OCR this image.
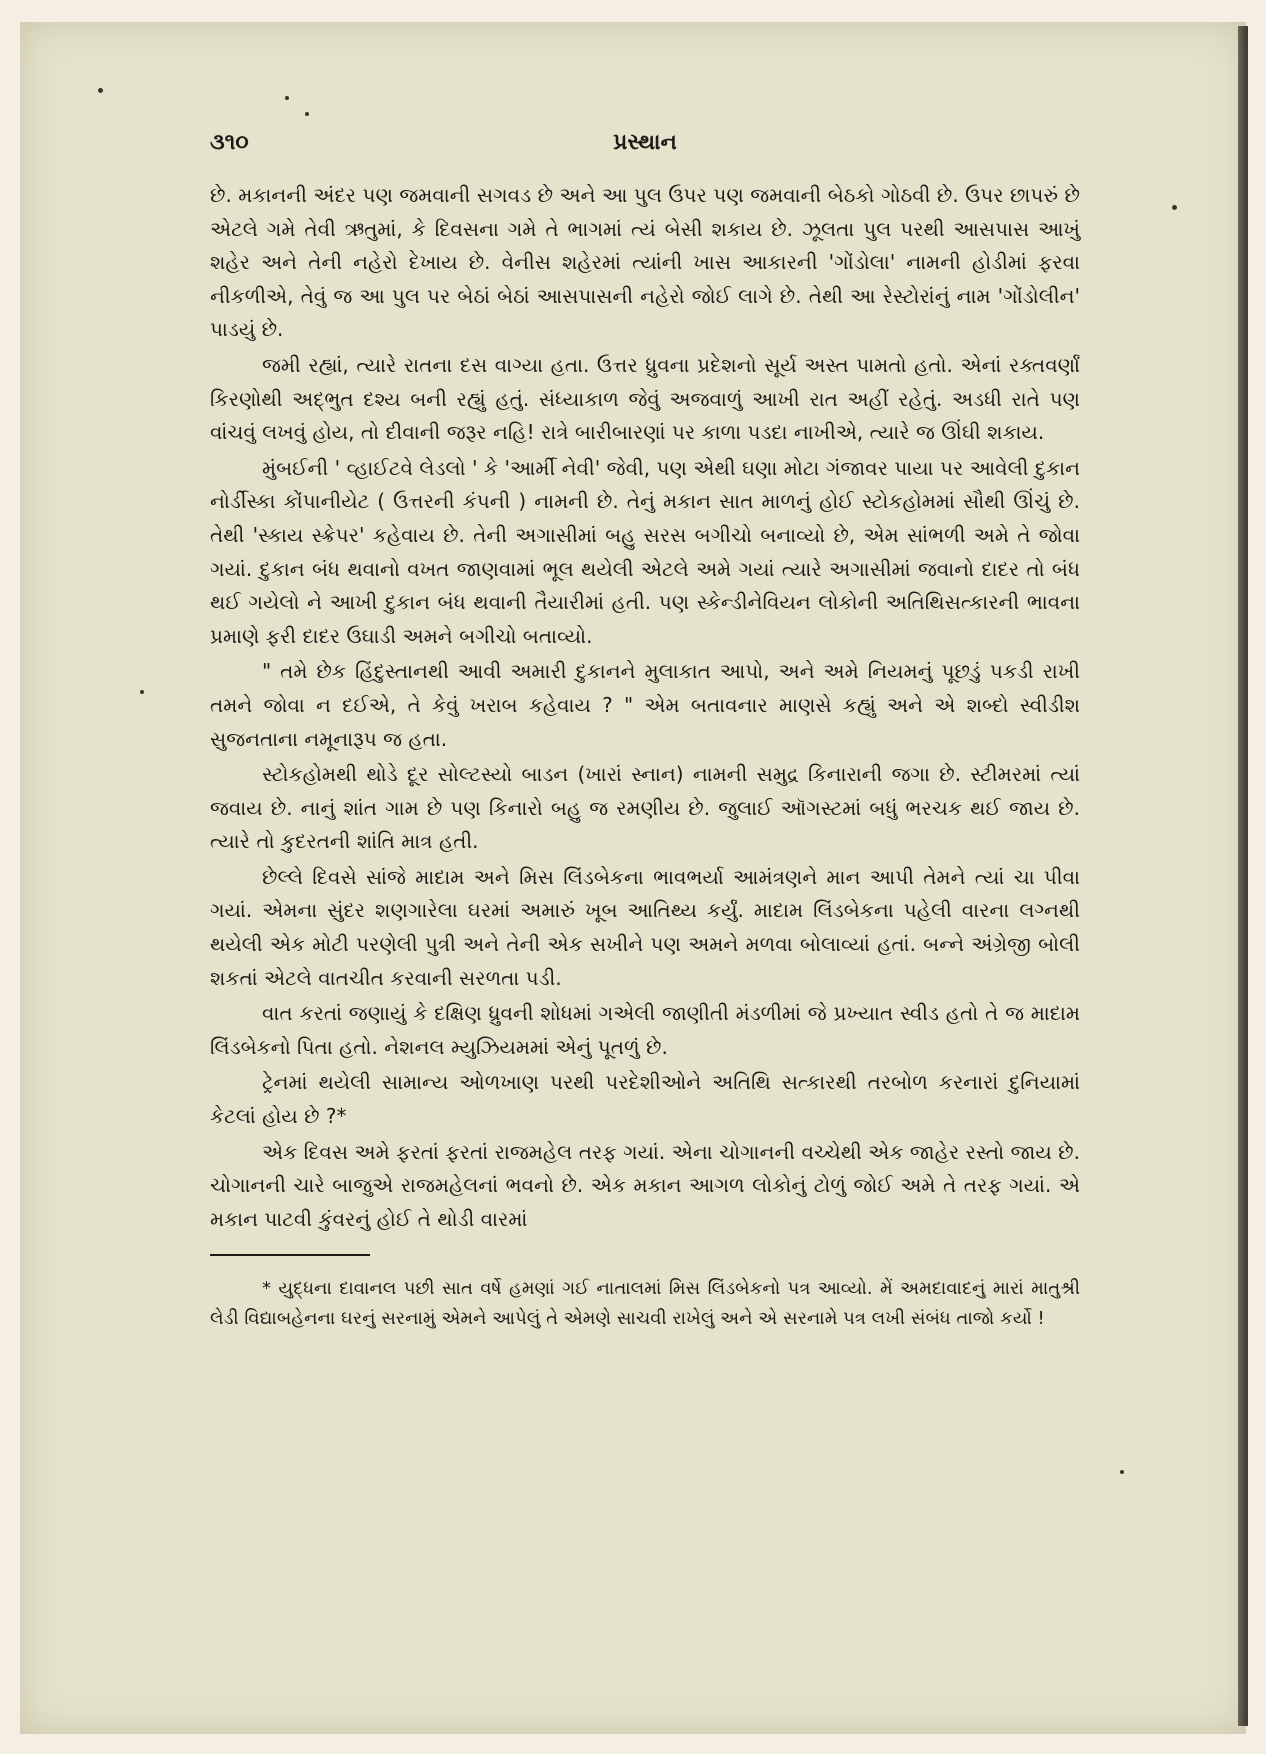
૩૧૦	પ્રસ્થાન

છે. મકાનની અંદર પણ જમવાની સગવડ છે અને આ પુલ ઉપર પણ જમવાની બેઠકો ગોઠવી છે. ઉપર છાપરું છે એટલે ગમે તેવી ઋતુમાં, કે દિવસના ગમે તે ભાગમાં ત્યં બેસી શકાય છે. ઝૂલતા પુલ પરથી આસપાસ આખું શહેર અને તેની નહેરો દેખાય છે. વેનીસ શહેરમાં ત્યાંની ખાસ આકારની 'ગોંડોલા' નામની હોડીમાં ફરવા નીકળીએ, તેવું જ આ પુલ પર બેઠાં બેઠાં આસપાસની નહેરો જોઈ લાગે છે. તેથી આ રેસ્ટોરાંનું નામ 'ગોંડોલીન' પાડયું છે.

જમી રહ્યાં, ત્યારે રાતના દસ વાગ્યા હતા. ઉત્તર ધ્રુવના પ્રદેશનો સૂર્ય અસ્ત પામતો હતો. એનાં રક્તવર્ણાં કિરણોથી અદ્‌ભુત દશ્ય બની રહ્યું હતું. સંધ્યાકાળ જેવું અજવાળું આખી રાત અહીં રહેતું. અડધી રાતે પણ વાંચવું લખવું હોય, તો દીવાની જરૂર નહિ! રાત્રે બારીબારણાં પર કાળા પડદા નાખીએ, ત્યારે જ ઊંઘી શકાય.

મુંબઈની ' વ્હાઈટવે લેડલો ' કે 'આર્મી નેવી' જેવી, પણ એથી ઘણા મોટા ગંજાવર પાયા પર આવેલી દુકાન નોર્ડીસ્કા કોંપાનીયેટ ( ઉત્તરની કંપની ) નામની છે. તેનું મકાન સાત માળનું હોઈ સ્ટોકહોમમાં સૌથી ઊંચું છે. તેથી 'સ્કાય સ્ક્રેપર' કહેવાય છે. તેની અગાસીમાં બહુ સરસ બગીચો બનાવ્યો છે, એમ સાંભળી અમે તે જોવા ગયાં. દુકાન બંધ થવાનો વખત જાણવામાં ભૂલ થયેલી એટલે અમે ગયાં ત્યારે અગાસીમાં જવાનો દાદર તો બંધ થઈ ગયેલો ને આખી દુકાન બંધ થવાની તૈયારીમાં હતી. પણ સ્કેન્ડીનેવિયન લોકોની અતિથિસત્કારની ભાવના પ્રમાણે ફરી દાદર ઉઘાડી અમને બગીચો બતાવ્યો.

" તમે છેક હિંદુસ્તાનથી આવી અમારી દુકાનને મુલાકાત આપો, અને અમે નિયમનું પૂછડું પકડી રાખી તમને જોવા ન દઈએ, તે કેવું ખરાબ કહેવાય ? " એમ બતાવનાર માણસે કહ્યું અને એ શબ્દો સ્વીડીશ સુજનતાના નમૂનારૂપ જ હતા.

સ્ટોકહોમથી થોડે દૂર સોલ્ટસ્યો બાડન (ખારાં સ્નાન) નામની સમુદ્ર કિનારાની જગા છે. સ્ટીમરમાં ત્યાં જવાય છે. નાનું શાંત ગામ છે પણ કિનારો બહુ જ રમણીય છે. જુલાઈ ઑગસ્ટમાં બધું ભરચક થઈ જાય છે. ત્યારે તો કુદરતની શાંતિ માત્ર હતી.

છેલ્લે દિવસે સાંજે માદામ અને મિસ લિંડબેકના ભાવભર્યા આમંત્રણને માન આપી તેમને ત્યાં ચા પીવા ગયાં. એમના સુંદર શણગારેલા ઘરમાં અમારું ખૂબ આતિથ્ય કર્યું. માદામ લિંડબેકના પહેલી વારના લગ્નથી થયેલી એક મોટી પરણેલી પુત્રી અને તેની એક સખીને પણ અમને મળવા બોલાવ્યાં હતાં. બન્ને અંગ્રેજી બોલી શકતાં એટલે વાતચીત કરવાની સરળતા પડી.

વાત કરતાં જણાયું કે દક્ષિણ ધ્રુવની શોધમાં ગએલી જાણીતી મંડળીમાં જે પ્રખ્યાત સ્વીડ હતો તે જ માદામ લિંડબેકનો પિતા હતો. નેશનલ મ્યુઝિયમમાં એનું પૂતળું છે.

ટ્રેનમાં થયેલી સામાન્ય ઓળખાણ પરથી પરદેશીઓને અતિથિ સત્કારથી તરબોળ કરનારાં દુનિયામાં કેટલાં હોય છે ?*

એક દિવસ અમે ફરતાં ફરતાં રાજમહેલ તરફ ગયાં. એના ચોગાનની વચ્ચેથી એક જાહેર રસ્તો જાય છે. ચોગાનની ચારે બાજુએ રાજમહેલનાં ભવનો છે. એક મકાન આગળ લોકોનું ટોળું જોઈ અમે તે તરફ ગયાં. એ મકાન પાટવી કુંવરનું હોઈ તે થોડી વારમાં

* યુદ્ધના દાવાનલ પછી સાત વર્ષે હમણાં ગઈ નાતાલમાં મિસ લિંડબેકનો પત્ર આવ્યો. મેં અમદાવાદનું મારાં માતુશ્રી લેડી વિદ્યાબહેનના ઘરનું સરનામું એમને આપેલું તે એમણે સાચવી રાખેલું અને એ સરનામે પત્ર લખી સંબંધ તાજો કર્યો !
